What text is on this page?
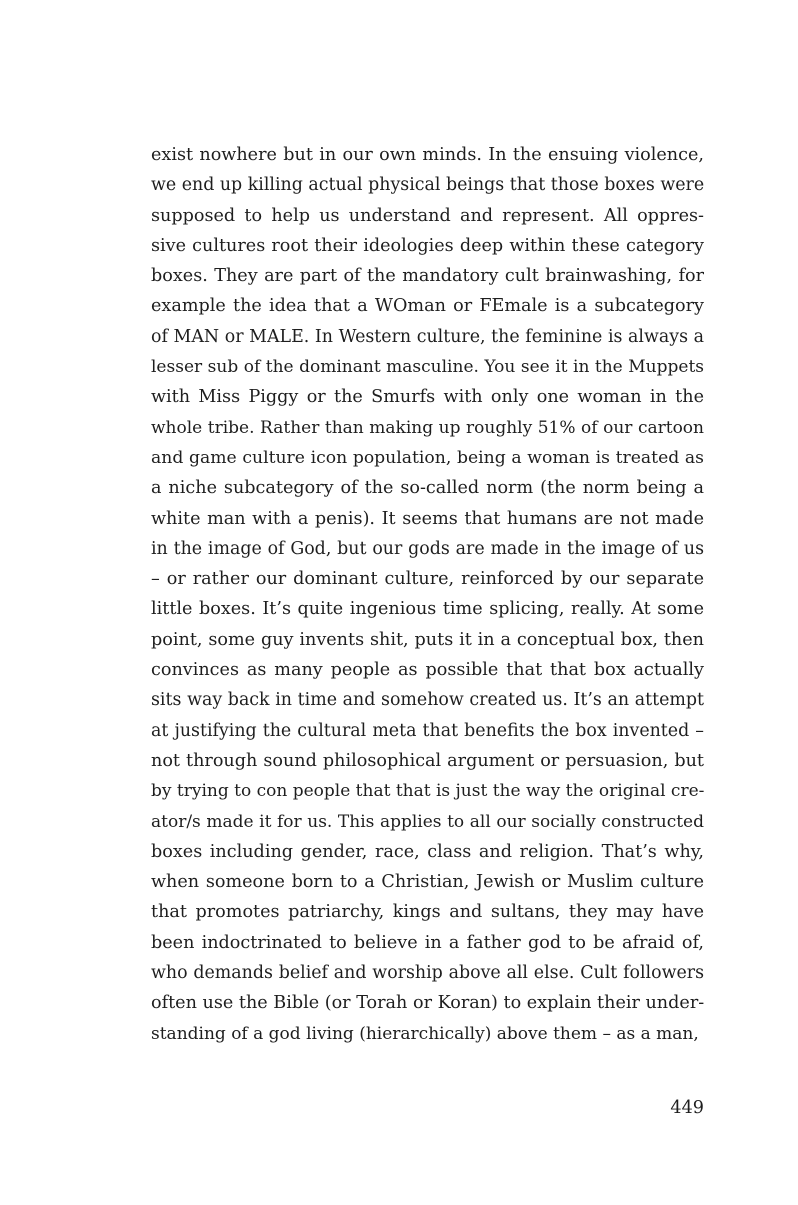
exist nowhere but in our own minds. In the ensuing violence,
we end up killing actual physical beings that those boxes were
supposed to help us understand and represent. All oppres-
sive cultures root their ideologies deep within these category
boxes. They are part of the mandatory cult brainwashing, for
example the idea that a WOman or FEmale is a subcategory
of MAN or MALE. In Western culture, the feminine is always a
lesser sub of the dominant masculine. You see it in the Muppets
with Miss Piggy or the Smurfs with only one woman in the
whole tribe. Rather than making up roughly 51% of our cartoon
and game culture icon population, being a woman is treated as
a niche subcategory of the so-called norm (the norm being a
white man with a penis). It seems that humans are not made
in the image of God, but our gods are made in the image of us
– or rather our dominant culture, reinforced by our separate
little boxes. It’s quite ingenious time splicing, really. At some
point, some guy invents shit, puts it in a conceptual box, then
convinces as many people as possible that that box actually
sits way back in time and somehow created us. It’s an attempt
at justifying the cultural meta that benefits the box invented –
not through sound philosophical argument or persuasion, but
by trying to con people that that is just the way the original cre-
ator/s made it for us. This applies to all our socially constructed
boxes including gender, race, class and religion. That’s why,
when someone born to a Christian, Jewish or Muslim culture
that promotes patriarchy, kings and sultans, they may have
been indoctrinated to believe in a father god to be afraid of,
who demands belief and worship above all else. Cult followers
often use the Bible (or Torah or Koran) to explain their under-
standing of a god living (hierarchically) above them – as a man,
449
